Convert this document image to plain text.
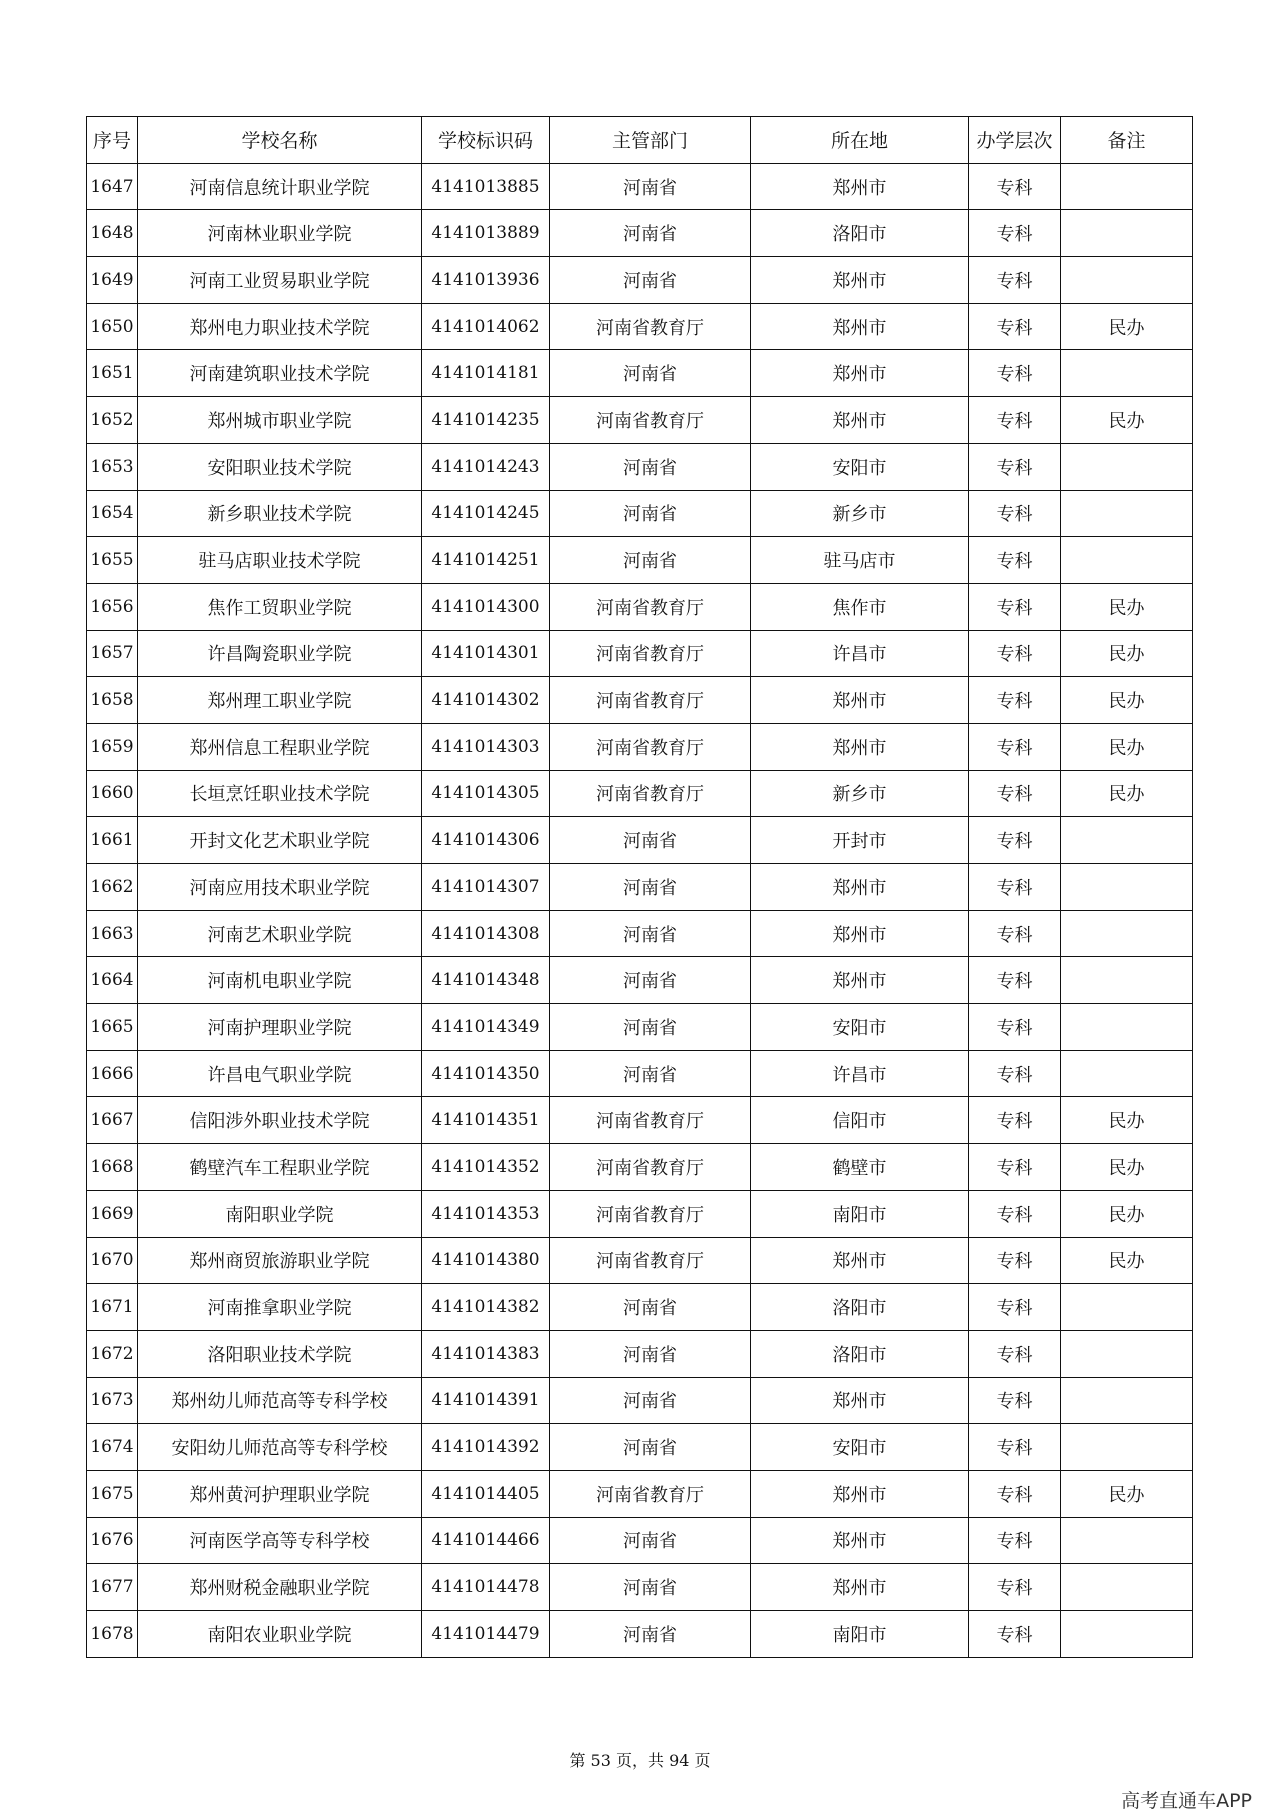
序号	学校名称	学校标识码	主管部门	所在地	办学层次	备注
1647	河南信息统计职业学院	4141013885	河南省	郑州市	专科	
1648	河南林业职业学院	4141013889	河南省	洛阳市	专科	
1649	河南工业贸易职业学院	4141013936	河南省	郑州市	专科	
1650	郑州电力职业技术学院	4141014062	河南省教育厅	郑州市	专科	民办
1651	河南建筑职业技术学院	4141014181	河南省	郑州市	专科	
1652	郑州城市职业学院	4141014235	河南省教育厅	郑州市	专科	民办
1653	安阳职业技术学院	4141014243	河南省	安阳市	专科	
1654	新乡职业技术学院	4141014245	河南省	新乡市	专科	
1655	驻马店职业技术学院	4141014251	河南省	驻马店市	专科	
1656	焦作工贸职业学院	4141014300	河南省教育厅	焦作市	专科	民办
1657	许昌陶瓷职业学院	4141014301	河南省教育厅	许昌市	专科	民办
1658	郑州理工职业学院	4141014302	河南省教育厅	郑州市	专科	民办
1659	郑州信息工程职业学院	4141014303	河南省教育厅	郑州市	专科	民办
1660	长垣烹饪职业技术学院	4141014305	河南省教育厅	新乡市	专科	民办
1661	开封文化艺术职业学院	4141014306	河南省	开封市	专科	
1662	河南应用技术职业学院	4141014307	河南省	郑州市	专科	
1663	河南艺术职业学院	4141014308	河南省	郑州市	专科	
1664	河南机电职业学院	4141014348	河南省	郑州市	专科	
1665	河南护理职业学院	4141014349	河南省	安阳市	专科	
1666	许昌电气职业学院	4141014350	河南省	许昌市	专科	
1667	信阳涉外职业技术学院	4141014351	河南省教育厅	信阳市	专科	民办
1668	鹤壁汽车工程职业学院	4141014352	河南省教育厅	鹤壁市	专科	民办
1669	南阳职业学院	4141014353	河南省教育厅	南阳市	专科	民办
1670	郑州商贸旅游职业学院	4141014380	河南省教育厅	郑州市	专科	民办
1671	河南推拿职业学院	4141014382	河南省	洛阳市	专科	
1672	洛阳职业技术学院	4141014383	河南省	洛阳市	专科	
1673	郑州幼儿师范高等专科学校	4141014391	河南省	郑州市	专科	
1674	安阳幼儿师范高等专科学校	4141014392	河南省	安阳市	专科	
1675	郑州黄河护理职业学院	4141014405	河南省教育厅	郑州市	专科	民办
1676	河南医学高等专科学校	4141014466	河南省	郑州市	专科	
1677	郑州财税金融职业学院	4141014478	河南省	郑州市	专科	
1678	南阳农业职业学院	4141014479	河南省	南阳市	专科	
第 53 页，共 94 页
高考直通车APP
